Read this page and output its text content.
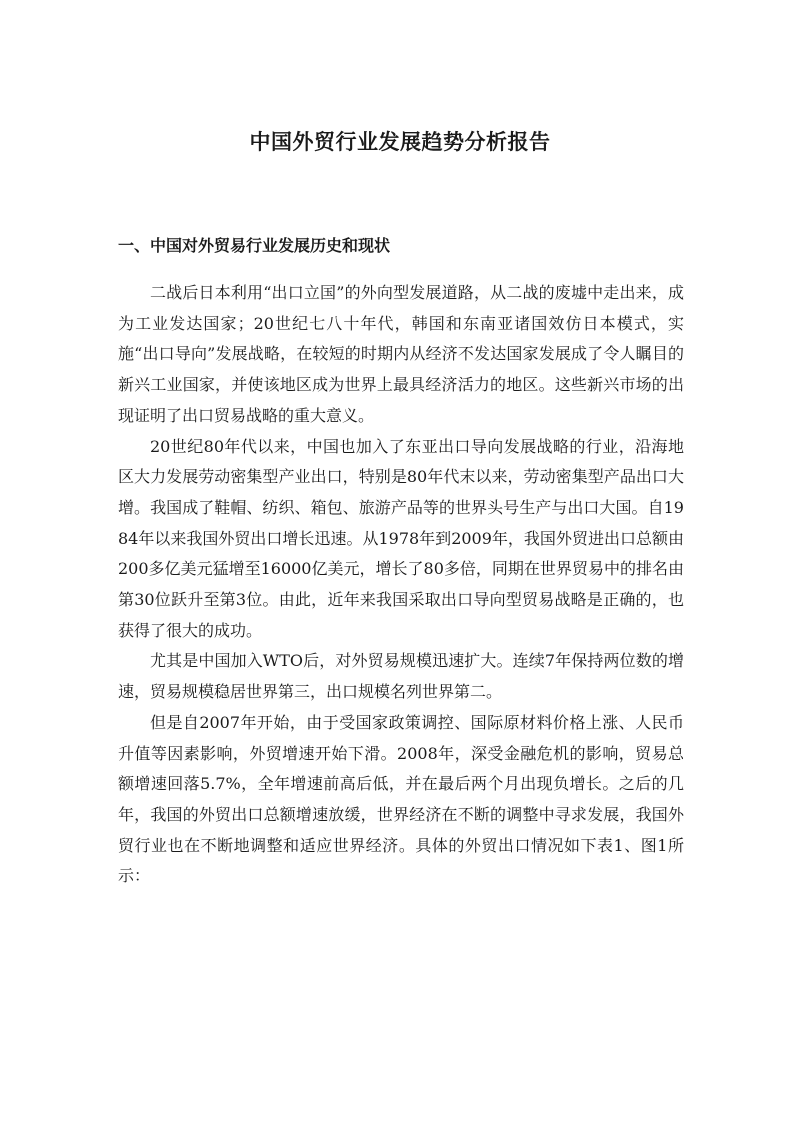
中国外贸行业发展趋势分析报告
一、中国对外贸易行业发展历史和现状

二战后日本利用“出口立国”的外向型发展道路，从二战的废墟中走出来，成为工业发达国家；20世纪七八十年代，韩国和东南亚诸国效仿日本模式，实施“出口导向”发展战略，在较短的时期内从经济不发达国家发展成了令人瞩目的新兴工业国家，并使该地区成为世界上最具经济活力的地区。这些新兴市场的出现证明了出口贸易战略的重大意义。

20世纪80年代以来，中国也加入了东亚出口导向发展战略的行业，沿海地区大力发展劳动密集型产业出口，特别是80年代末以来，劳动密集型产品出口大增。我国成了鞋帽、纺织、箱包、旅游产品等的世界头号生产与出口大国。自1984年以来我国外贸出口增长迅速。从1978年到2009年，我国外贸进出口总额由200多亿美元猛增至16000亿美元，增长了80多倍，同期在世界贸易中的排名由第30位跃升至第3位。由此，近年来我国采取出口导向型贸易战略是正确的，也获得了很大的成功。

尤其是中国加入WTO后，对外贸易规模迅速扩大。连续7年保持两位数的增速，贸易规模稳居世界第三，出口规模名列世界第二。

但是自2007年开始，由于受国家政策调控、国际原材料价格上涨、人民币升值等因素影响，外贸增速开始下滑。2008年，深受金融危机的影响，贸易总额增速回落5.7%，全年增速前高后低，并在最后两个月出现负增长。之后的几年，我国的外贸出口总额增速放缓，世界经济在不断的调整中寻求发展，我国外贸行业也在不断地调整和适应世界经济。具体的外贸出口情况如下表1、图1所示：
